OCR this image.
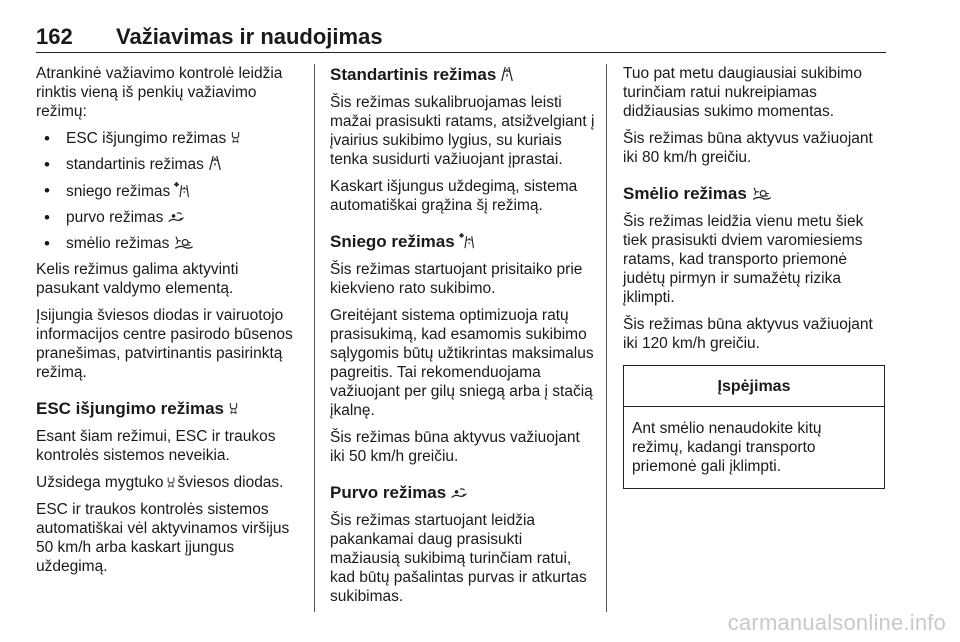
162 Važiavimas ir naudojimas

Atrankinė važiavimo kontrolė leidžia rinktis vieną iš penkių važiavimo režimų:

• ESC išjungimo režimas
• standartinis režimas
• sniego režimas
• purvo režimas
• smėlio režimas

Kelis režimus galima aktyvinti pasukant valdymo elementą.

Įsijungia šviesos diodas ir vairuotojo informacijos centre pasirodo būsenos pranešimas, patvirtinantis pasirinktą režimą.

ESC išjungimo režimas

Esant šiam režimui, ESC ir traukos kontrolės sistemos neveikia.

Užsidega mygtuko šviesos diodas.

ESC ir traukos kontrolės sistemos automatiškai vėl aktyvinamos viršijus 50 km/h arba kaskart įjungus uždegimą.

Standartinis režimas

Šis režimas sukalibruojamas leisti mažai prasisukti ratams, atsižvelgiant į įvairius sukibimo lygius, su kuriais tenka susidurti važiuojant įprastai.

Kaskart išjungus uždegimą, sistema automatiškai grąžina šį režimą.

Sniego režimas

Šis režimas startuojant prisitaiko prie kiekvieno rato sukibimo.

Greitėjant sistema optimizuoja ratų prasisukimą, kad esamomis sukibimo sąlygomis būtų užtikrintas maksimalus pagreitis. Tai rekomenduojama važiuojant per gilų sniegą arba į stačią įkalnę.

Šis režimas būna aktyvus važiuojant iki 50 km/h greičiu.

Purvo režimas

Šis režimas startuojant leidžia pakankamai daug prasisukti mažiausią sukibimą turinčiam ratui, kad būtų pašalintas purvas ir atkurtas sukibimas.

Tuo pat metu daugiausiai sukibimo turinčiam ratui nukreipiamas didžiausias sukimo momentas.

Šis režimas būna aktyvus važiuojant iki 80 km/h greičiu.

Smėlio režimas

Šis režimas leidžia vienu metu šiek tiek prasisukti dviem varomiesiems ratams, kad transporto priemonė judėtų pirmyn ir sumažėtų rizika įklimpti.

Šis režimas būna aktyvus važiuojant iki 120 km/h greičiu.

Įspėjimas
Ant smėlio nenaudokite kitų režimų, kadangi transporto priemonė gali įklimpti.
carmanualsonline.info
